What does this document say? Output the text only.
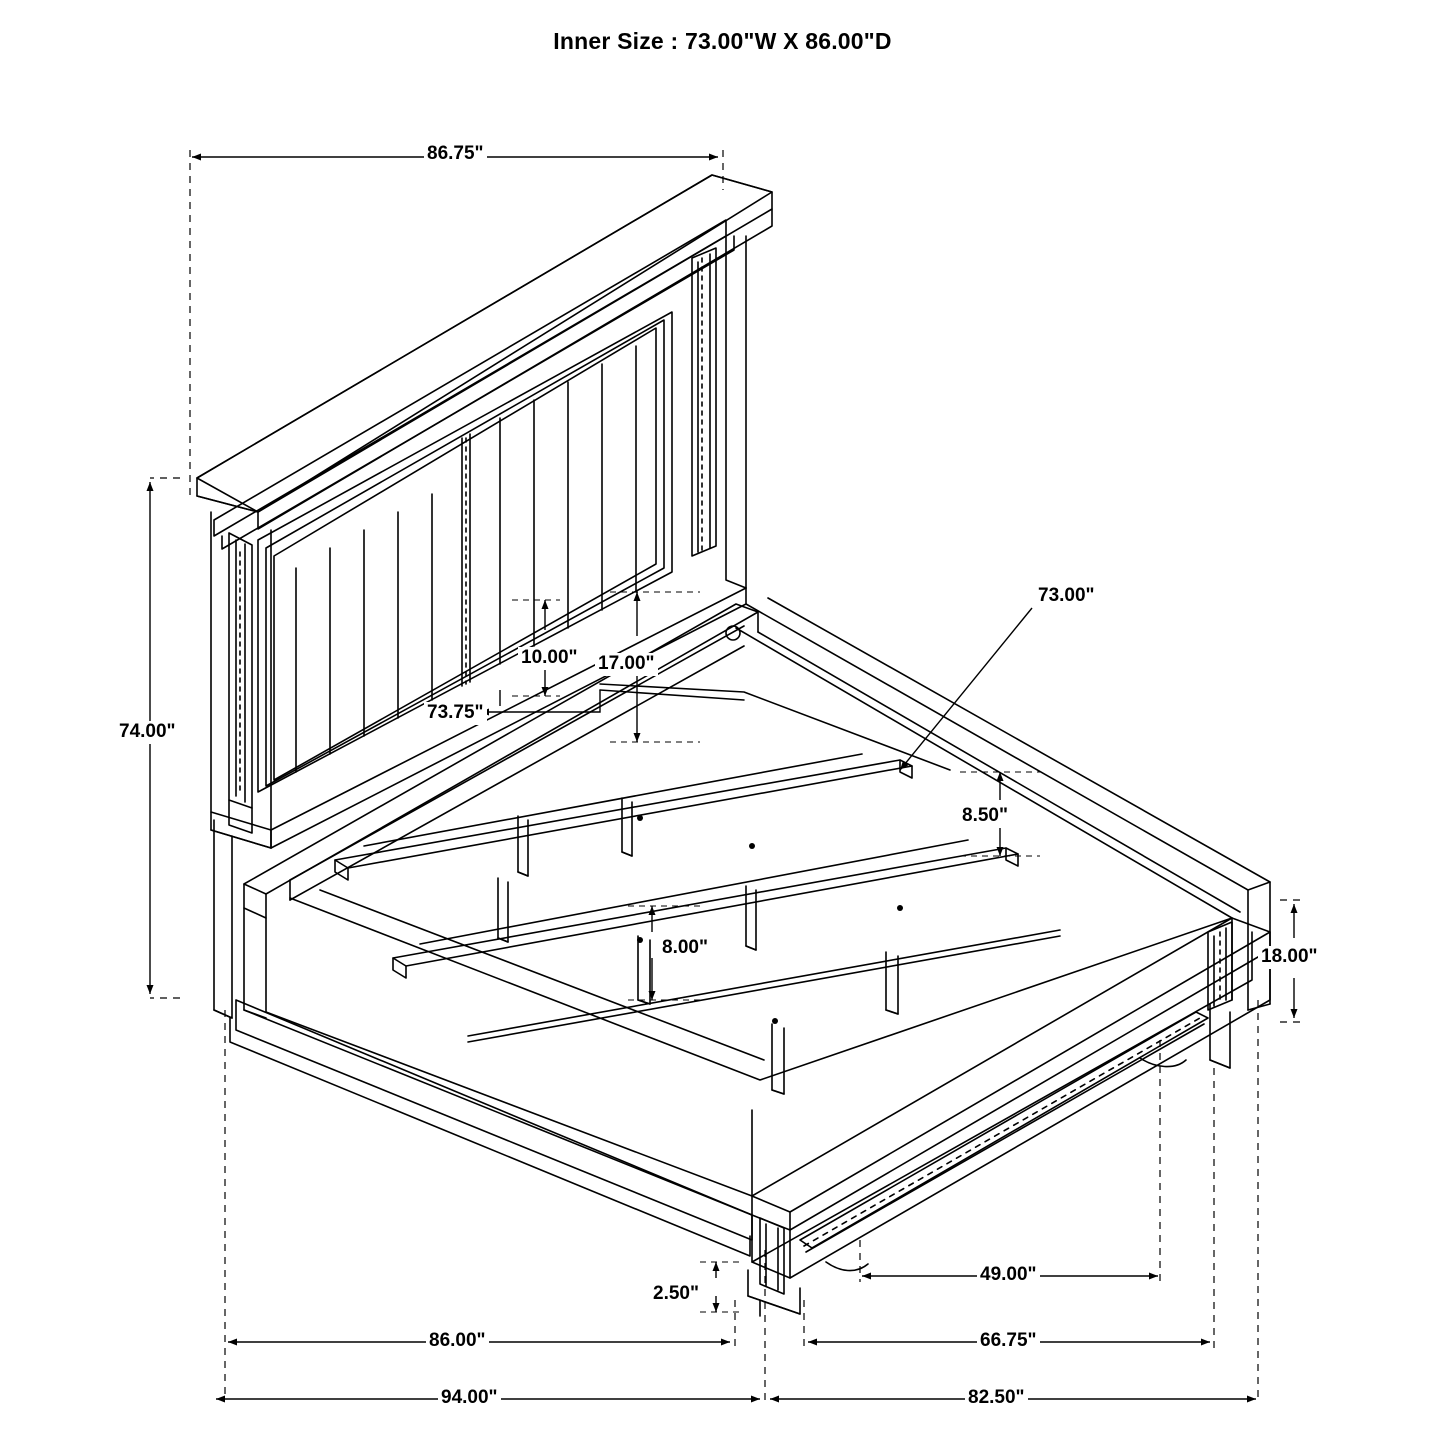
Inner Size : 73.00"W X 86.00"D
86.75"
74.00"
73.75"
10.00" 17.00"
73.00"
8.50"
8.00"	18.00"
2.50"
49.00"
86.00"	66.75"
94.00"	82.50"
